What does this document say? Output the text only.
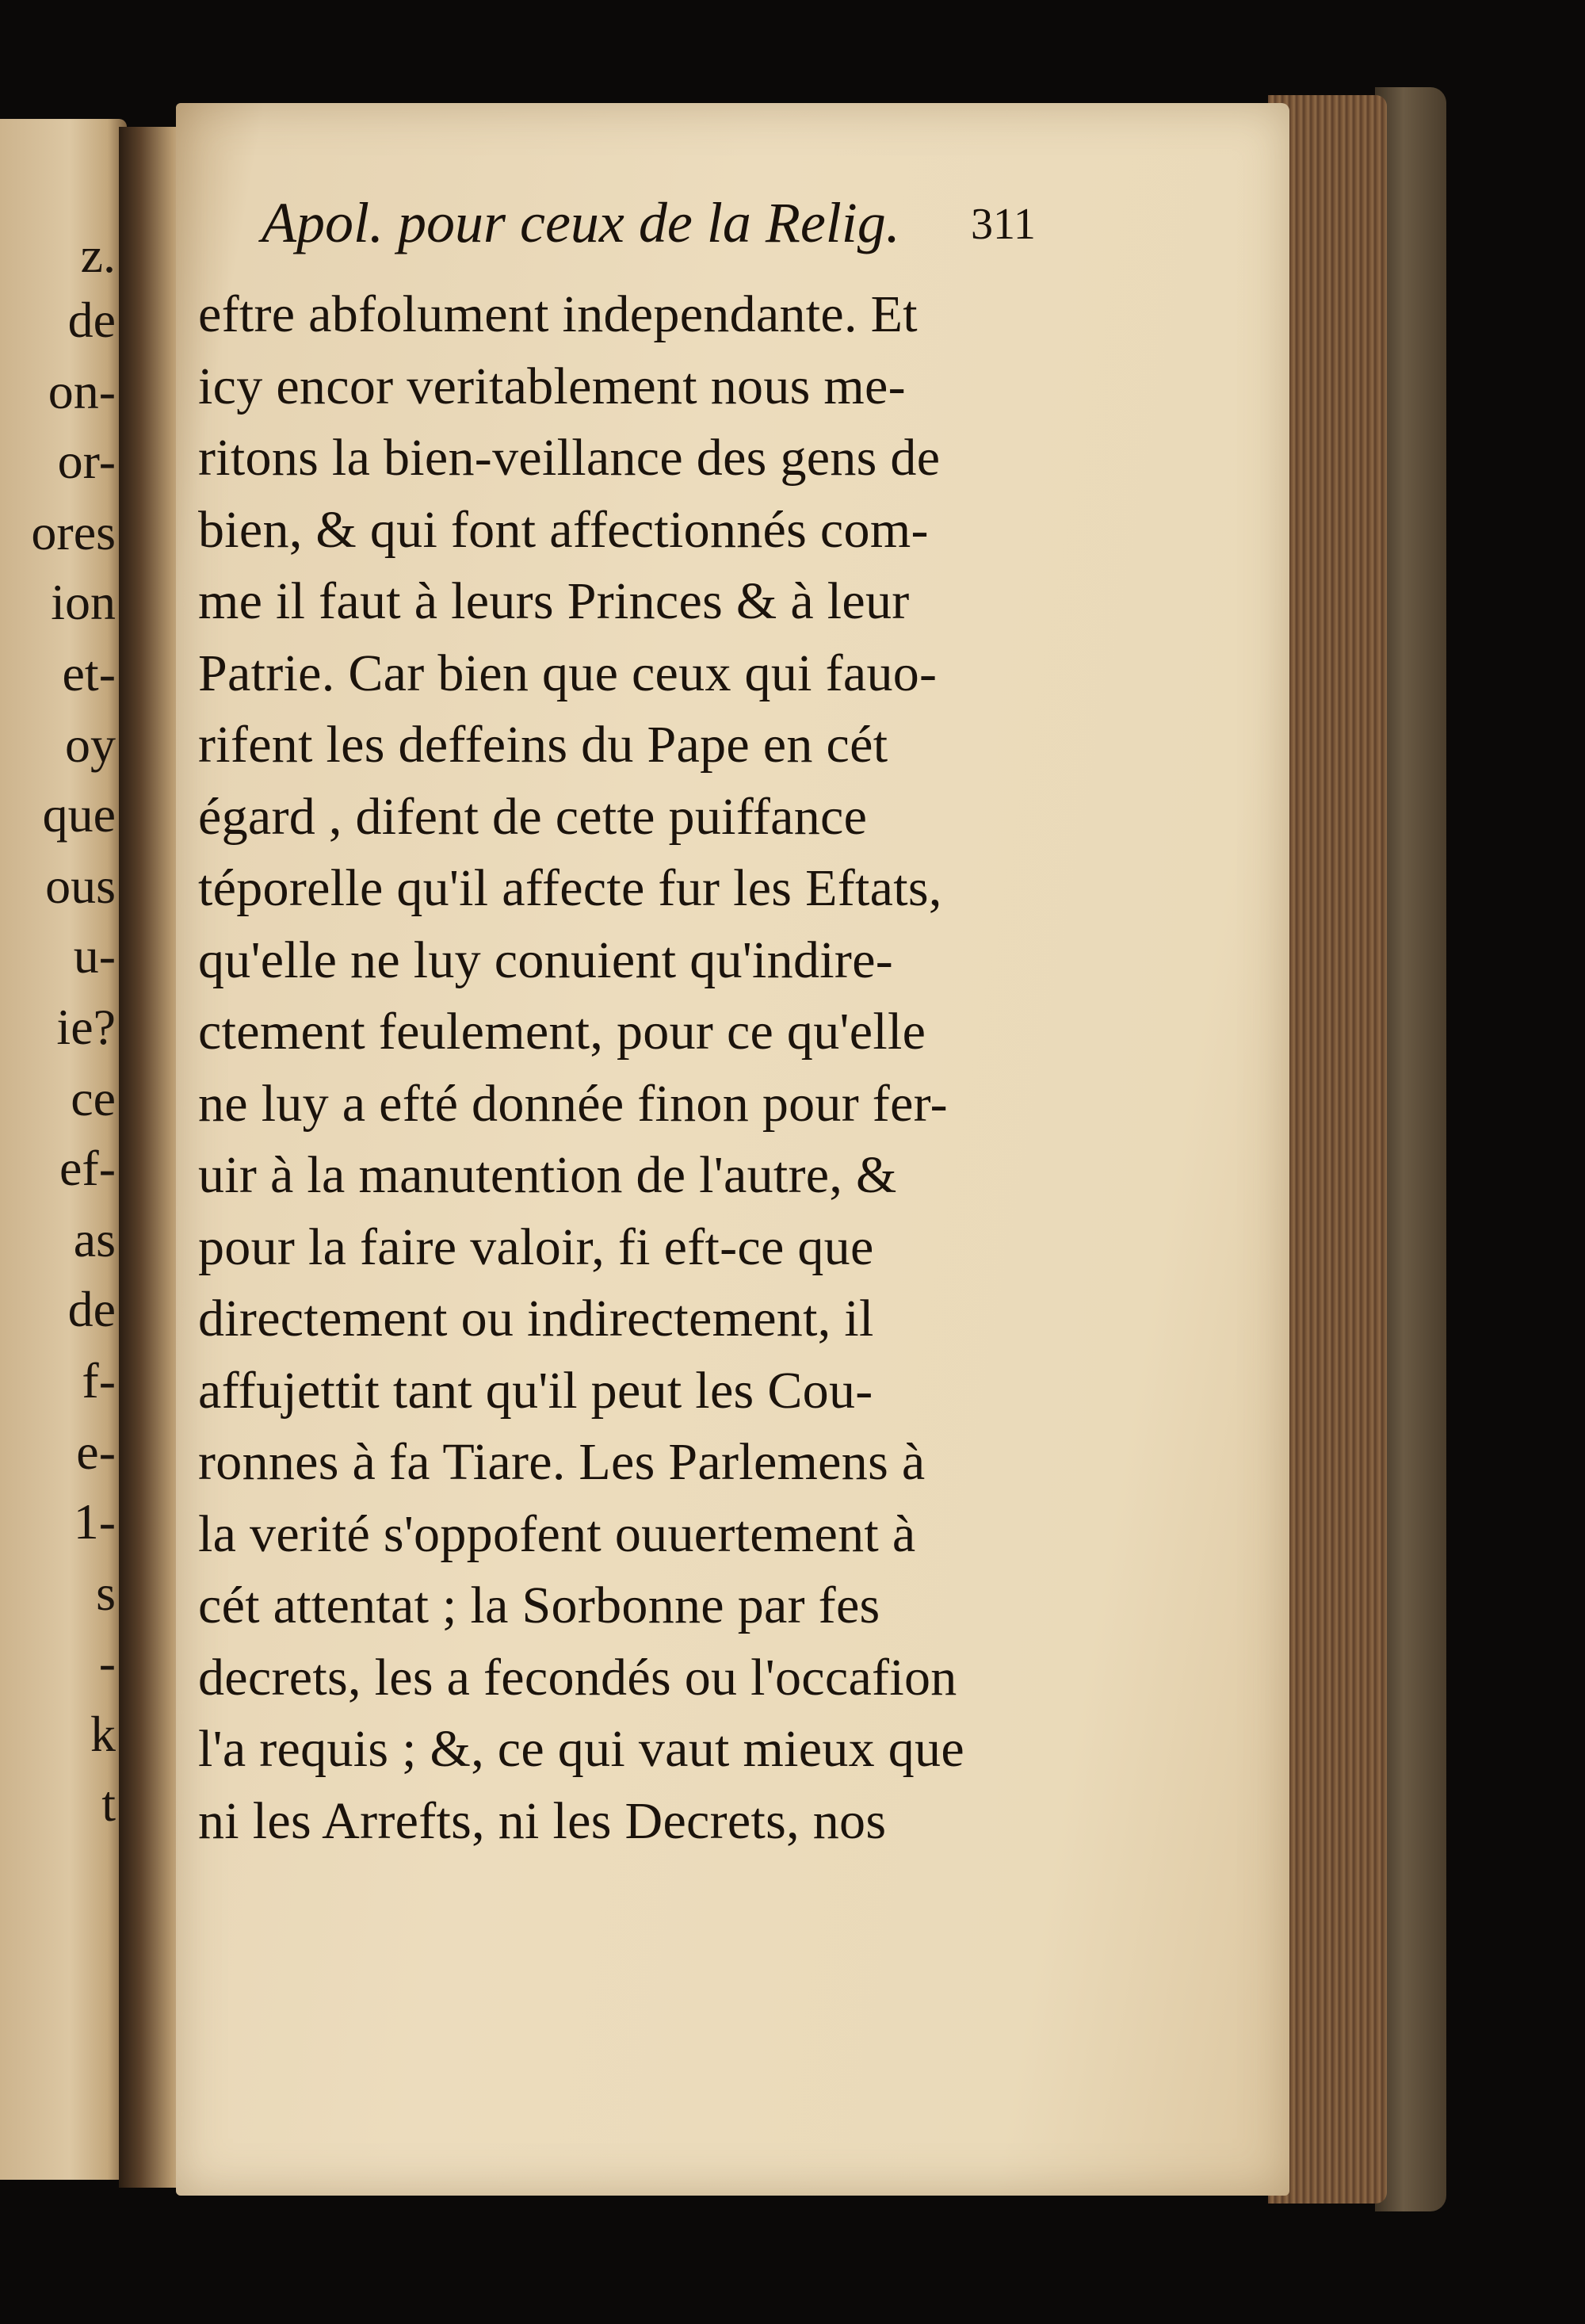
z.
de
on-
or-
ores
ion
et-
oy
que
ous
u-
ie?
ce
ef-
as
de
f-
e-
1-
s
-
k
t
Apol. pour ceux de la Relig.	311
eftre abfolument independante. Et
icy encor veritablement nous me-
ritons la bien-veillance des gens de
bien, & qui font affectionnés com-
me il faut à leurs Princes & à leur
Patrie. Car bien que ceux qui fauo-
rifent les deffeins du Pape en cét
égard , difent de cette puiffance
téporelle qu'il affecte fur les Eftats,
qu'elle ne luy conuient qu'indire-
ctement feulement, pour ce qu'elle
ne luy a efté donnée finon pour fer-
uir à la manutention de l'autre, &
pour la faire valoir, fi eft-ce que
directement ou indirectement, il
affujettit tant qu'il peut les Cou-
ronnes à fa Tiare. Les Parlemens à
la verité s'oppofent ouuertement à
cét attentat ; la Sorbonne par fes
decrets, les a fecondés ou l'occafion
l'a requis ; &, ce qui vaut mieux que
ni les Arrefts, ni les Decrets, nos
